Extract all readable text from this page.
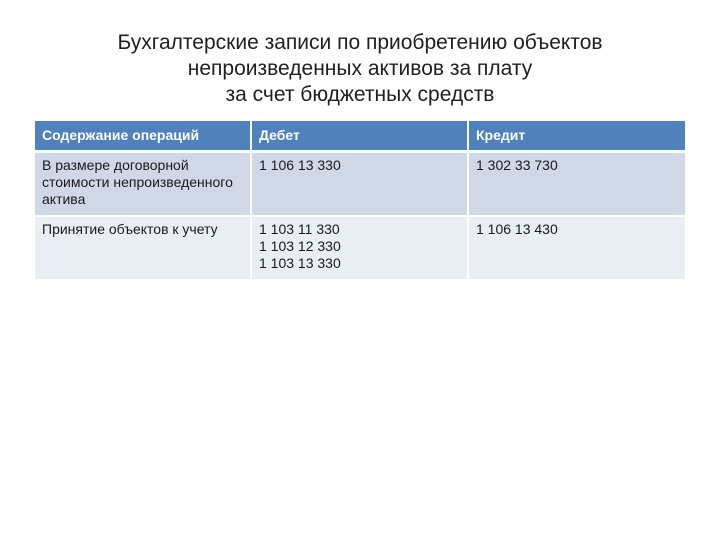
Бухгалтерские записи по приобретению объектов
непроизведенных активов за плату
за счет бюджетных средств
Содержание операций	Дебет	Кредит
В размере договорной стоимости непроизведенного актива	1 106 13 330	1 302 33 730

Принятие объектов к учету	1 103 11 330
1 103 12 330
1 103 13 330	1 106 13 430
